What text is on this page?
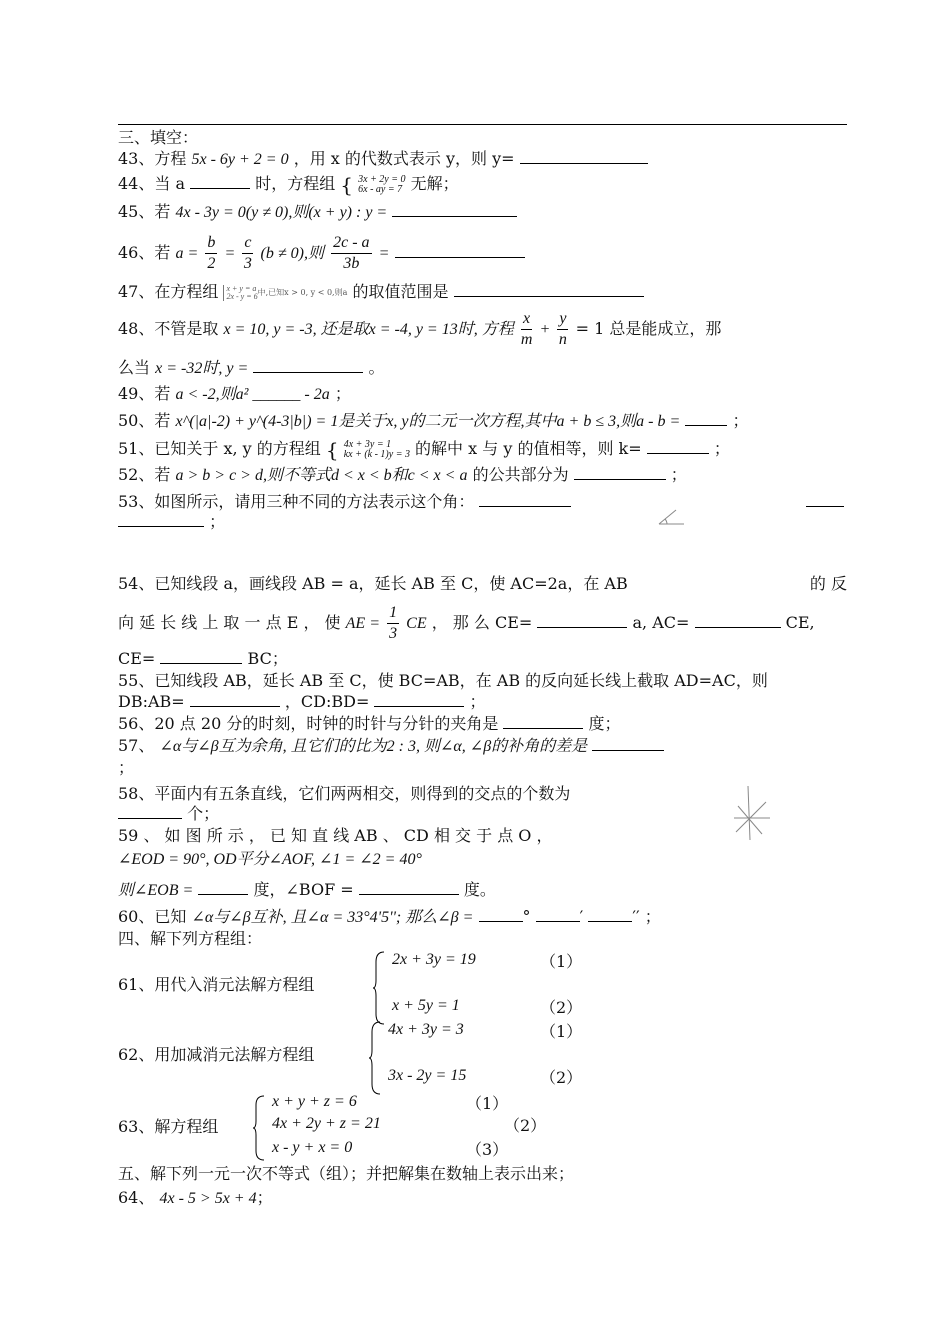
三、填空：
43、方程 5x - 6y + 2 = 0 ，用 x 的代数式表示 y，则 y=
44、当 a	时，方程组 { 3x + 2y = 0
6x - ay = 7 无解；
45、若 4x - 3y = 0(y ≠ 0),则(x + y) : y =
46、若 $a = \frac{b}{2} = \frac{c}{3} (b \ne 0)$,则 $\frac{2c - a}{3b}$ =
47、在方程组 x + y = a
2x - y = 6 中,已知x > 0, y < 0,则a 的取值范围是
48、不管是取 x = 10, y = -3, 还是取x = -4, y = 13时, 方程 $\frac{x}{m} + \frac{y}{n} = 1$ 总是能成立，那
么当 x = -32时, y =	。
49、若 a < -2,则a² ______ - 2a ；
50、若 x^(|a|-2) + y^(4-3|b|) = 1是关于x, y的二元一次方程,其中a + b ≤ 3,则a - b =	；
51、已知关于 x, y 的方程组 { 4x + 3y = 1
kx + (k - 1)y = 3 的解中 x 与 y 的值相等，则 k=	；
52、若 a > b > c > d,则不等式d < x < b和c < x < a 的公共部分为	；
53、如图所示，请用三种不同的方法表示这个角：
；
54、已知线段 a，画线段 AB = a，延长 AB 至 C，使 AC=2a，在 AB	的 反
向 延 长 线 上 取 一 点 E ， 使 AE = $\frac{1}{3}$ CE ， 那 么 CE=	a, AC=	CE,
CE=	BC；
55、已知线段 AB，延长 AB 至 C，使 BC=AB，在 AB 的反向延长线上截取 AD=AC，则
DB:AB=	，CD:BD=	；
56、20 点 20 分的时刻，时钟的时针与分针的夹角是	度；
57、 ∠α与∠β互为余角, 且它们的比为2 : 3, 则∠α, ∠β的补角的差是
；
58、平面内有五条直线，它们两两相交，则得到的交点的个数为
个；
59 、 如 图 所 示 ， 已 知 直 线 AB 、 CD 相 交 于 点 O ，
∠EOD = 90°, OD平分∠AOF, ∠1 = ∠2 = 40°
则∠EOB =	度，∠BOF =	度。
60、已知 ∠α与∠β互补, 且∠α = 33°4'5''; 那么∠β =	°	′	′′ ；
四、解下列方程组：
61、用代入消元法解方程组
2x + 3y = 19
x + 5y = 1
（1）
（2）
62、用加减消元法解方程组
4x + 3y = 3
3x - 2y = 15
（1）
（2）
63、解方程组
x + y + z = 6
4x + 2y + z = 21
x - y + x = 0
（1）
（2）
（3）
五、解下列一元一次不等式（组）；并把解集在数轴上表示出来；
64、 4x - 5 > 5x + 4；
